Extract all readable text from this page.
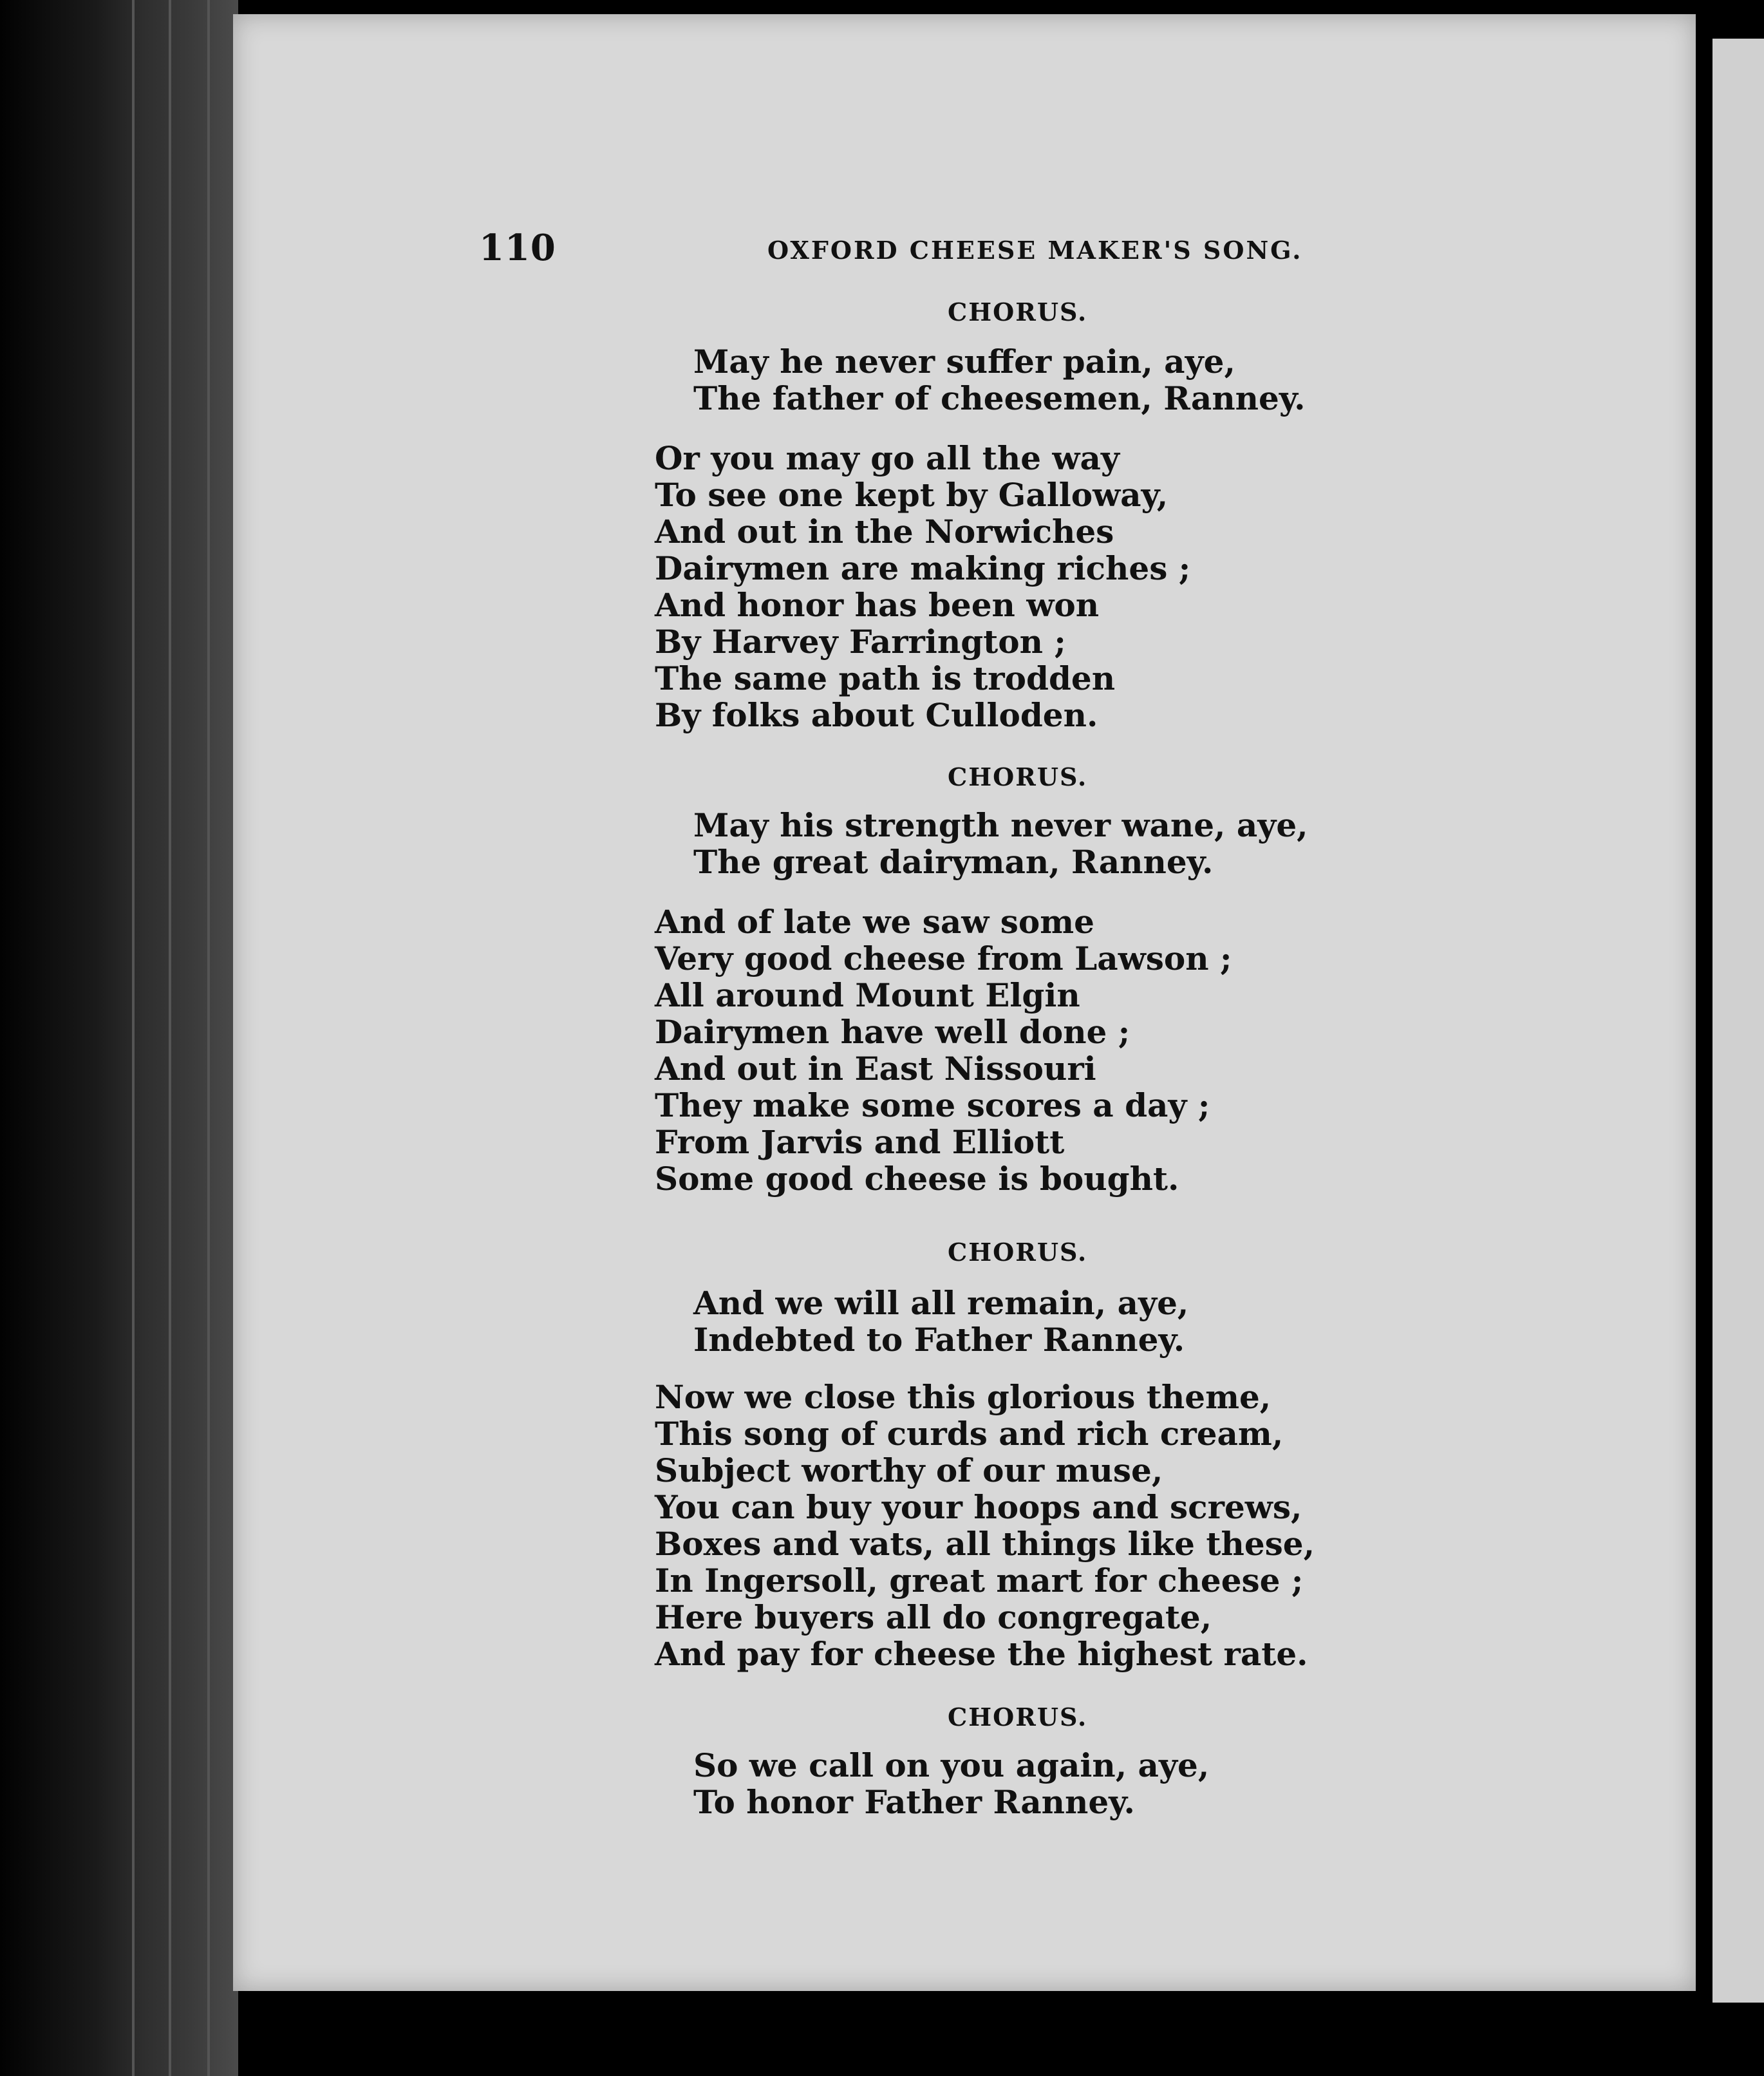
110	OXFORD CHEESE MAKER'S SONG.
CHORUS.
May he never suffer pain, aye,
The father of cheesemen, Ranney.
Or you may go all the way
To see one kept by Galloway,
And out in the Norwiches
Dairymen are making riches ;
And honor has been won
By Harvey Farrington ;
The same path is trodden
By folks about Culloden.
CHORUS.
May his strength never wane, aye,
The great dairyman, Ranney.
And of late we saw some
Very good cheese from Lawson ;
All around Mount Elgin
Dairymen have well done ;
And out in East Nissouri
They make some scores a day ;
From Jarvis and Elliott
Some good cheese is bought.
CHORUS.
And we will all remain, aye,
Indebted to Father Ranney.
Now we close this glorious theme,
This song of curds and rich cream,
Subject worthy of our muse,
You can buy your hoops and screws,
Boxes and vats, all things like these,
In Ingersoll, great mart for cheese ;
Here buyers all do congregate,
And pay for cheese the highest rate.
CHORUS.
So we call on you again, aye,
To honor Father Ranney.
